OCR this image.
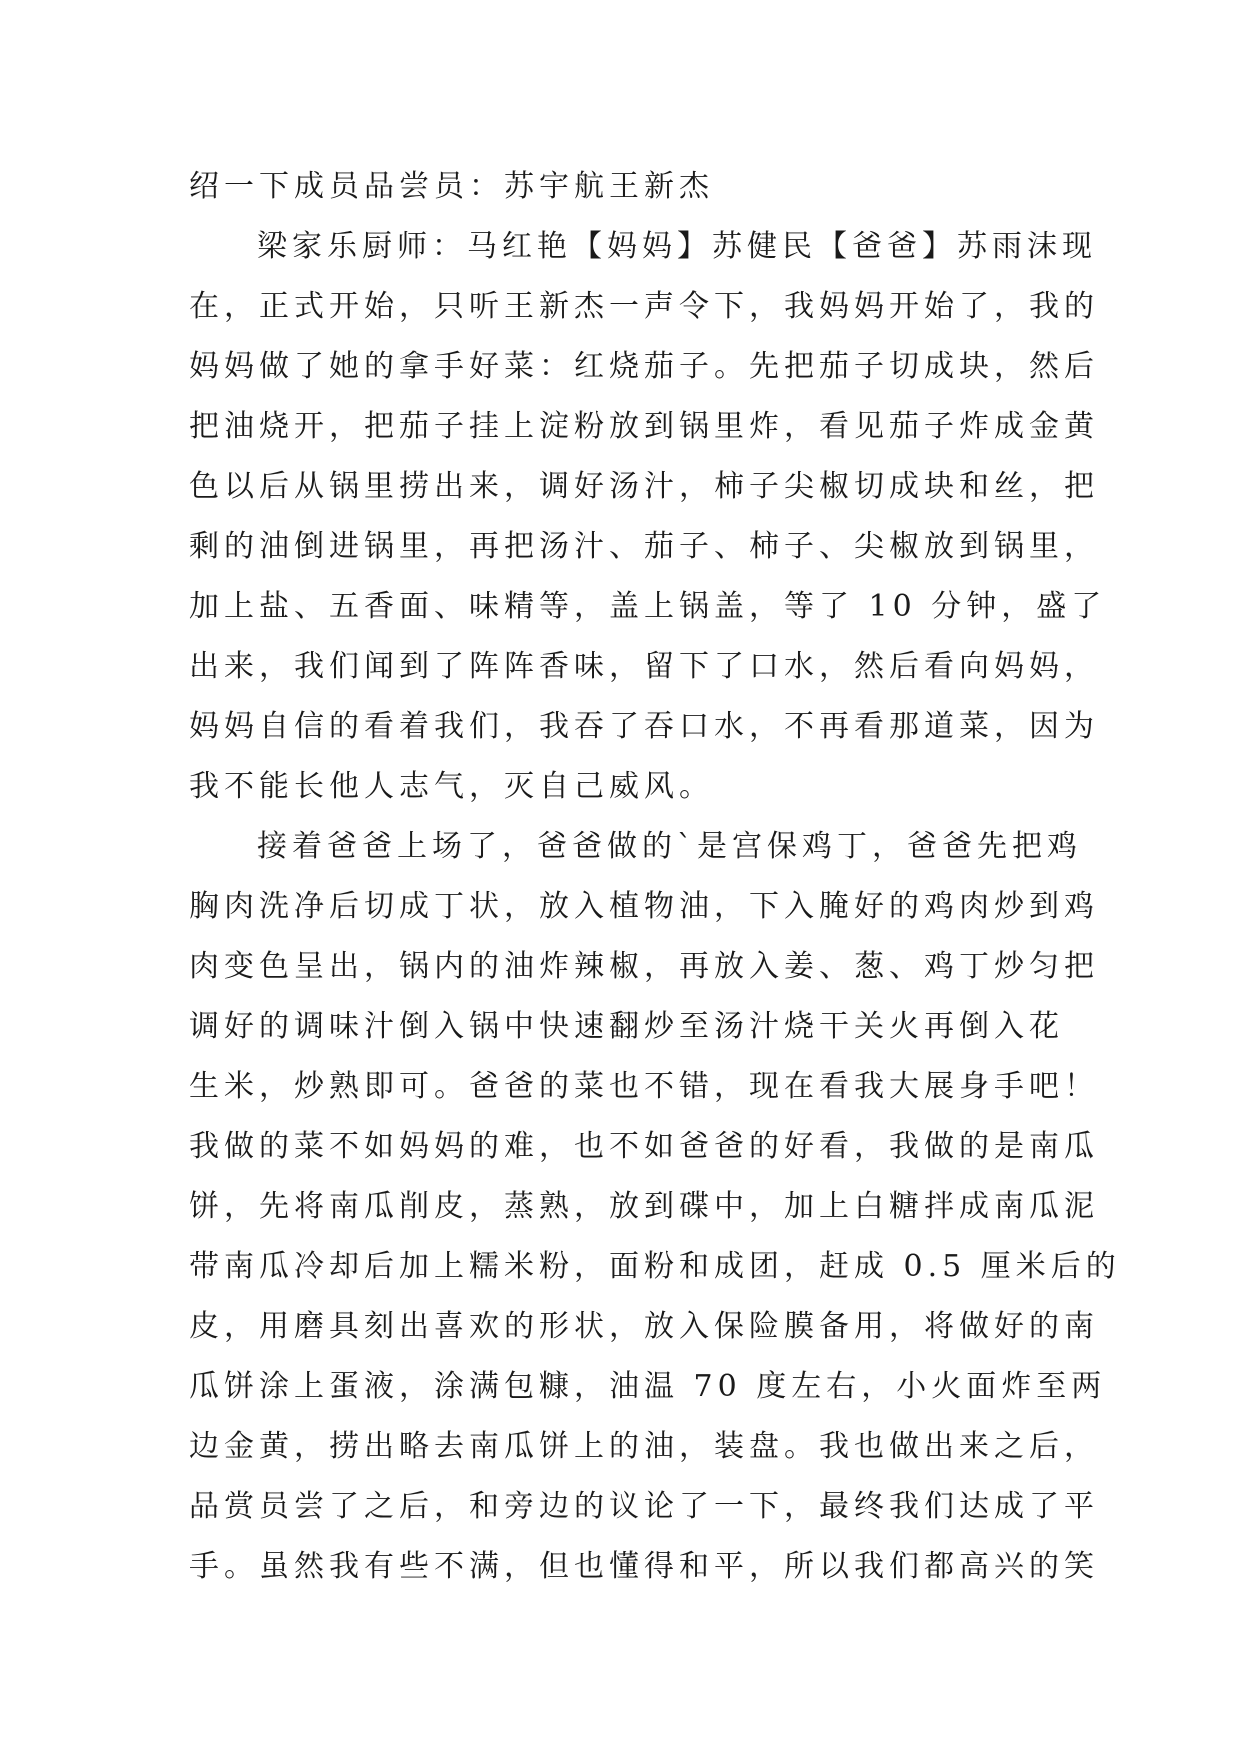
绍一下成员品尝员：苏宇航王新杰
梁家乐厨师：马红艳【妈妈】苏健民【爸爸】苏雨沫现
在，正式开始，只听王新杰一声令下，我妈妈开始了，我的
妈妈做了她的拿手好菜：红烧茄子。先把茄子切成块，然后
把油烧开，把茄子挂上淀粉放到锅里炸，看见茄子炸成金黄
色以后从锅里捞出来，调好汤汁，柿子尖椒切成块和丝，把
剩的油倒进锅里，再把汤汁、茄子、柿子、尖椒放到锅里，
加上盐、五香面、味精等，盖上锅盖，等了 10 分钟，盛了
出来，我们闻到了阵阵香味，留下了口水，然后看向妈妈，
妈妈自信的看着我们，我吞了吞口水，不再看那道菜，因为
我不能长他人志气，灭自己威风。
接着爸爸上场了，爸爸做的`是宫保鸡丁，爸爸先把鸡
胸肉洗净后切成丁状，放入植物油，下入腌好的鸡肉炒到鸡
肉变色呈出，锅内的油炸辣椒，再放入姜、葱、鸡丁炒匀把
调好的调味汁倒入锅中快速翻炒至汤汁烧干关火再倒入花
生米，炒熟即可。爸爸的菜也不错，现在看我大展身手吧！
我做的菜不如妈妈的难，也不如爸爸的好看，我做的是南瓜
饼，先将南瓜削皮，蒸熟，放到碟中，加上白糖拌成南瓜泥
带南瓜冷却后加上糯米粉，面粉和成团，赶成 0.5 厘米后的
皮，用磨具刻出喜欢的形状，放入保险膜备用，将做好的南
瓜饼涂上蛋液，涂满包糠，油温 70 度左右，小火面炸至两
边金黄，捞出略去南瓜饼上的油，装盘。我也做出来之后，
品赏员尝了之后，和旁边的议论了一下，最终我们达成了平
手。虽然我有些不满，但也懂得和平，所以我们都高兴的笑
